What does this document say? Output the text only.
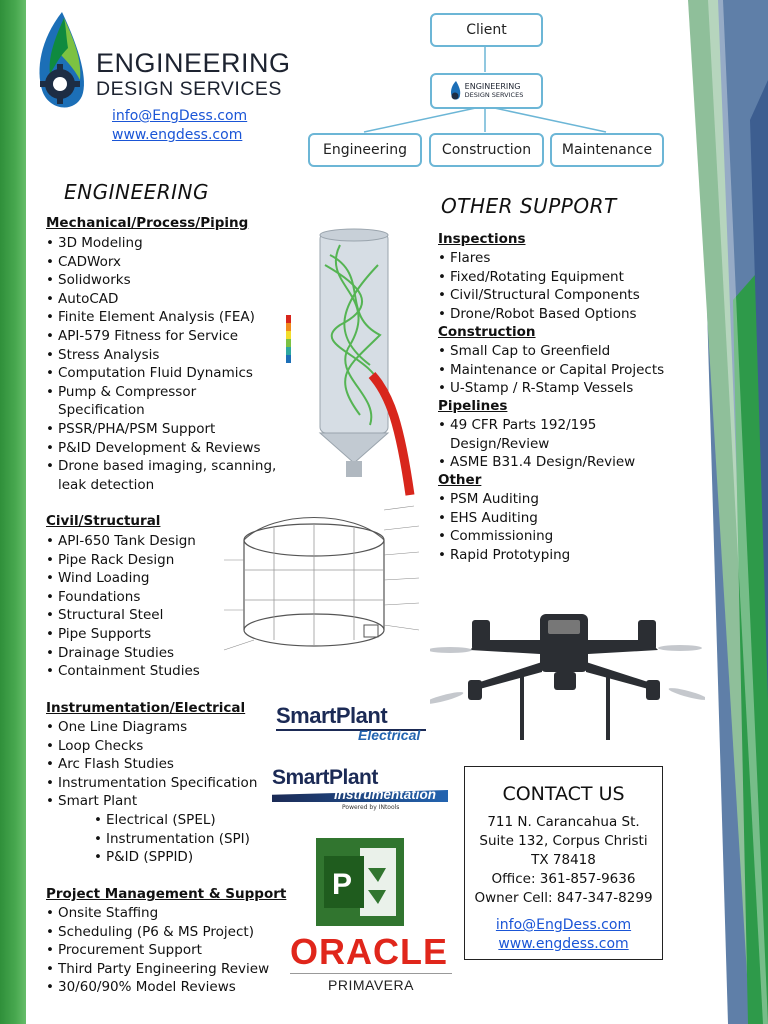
ENGINEERING
DESIGN SERVICES
info@EngDess.com
www.engdess.com
Client
ENGINEERING
DESIGN SERVICES
Engineering	Construction	Maintenance
ENGINEERING
Mechanical/Process/Piping
• 3D Modeling
• CADWorx
• Solidworks
• AutoCAD
• Finite Element Analysis (FEA)
• API-579 Fitness for Service
• Stress Analysis
• Computation Fluid Dynamics
• Pump & Compressor
Specification
• PSSR/PHA/PSM Support
• P&ID Development & Reviews
• Drone based imaging, scanning,
leak detection
Civil/Structural
• API-650 Tank Design
• Pipe Rack Design
• Wind Loading
• Foundations
• Structural Steel
• Pipe Supports
• Drainage Studies
• Containment Studies
Instrumentation/Electrical
• One Line Diagrams
• Loop Checks
• Arc Flash Studies
• Instrumentation Specification
• Smart Plant
• Electrical (SPEL)
• Instrumentation (SPI)
• P&ID (SPPID)
Project Management & Support
• Onsite Staffing
• Scheduling (P6 & MS Project)
• Procurement Support
• Third Party Engineering Review
• 30/60/90% Model Reviews
OTHER SUPPORT
Inspections
• Flares
• Fixed/Rotating Equipment
• Civil/Structural Components
• Drone/Robot Based Options
Construction
• Small Cap to Greenfield
• Maintenance or Capital Projects
• U-Stamp / R-Stamp Vessels
Pipelines
• 49 CFR Parts 192/195
Design/Review
• ASME B31.4 Design/Review
Other
• PSM Auditing
• EHS Auditing
• Commissioning
• Rapid Prototyping
SmartPlant
Electrical
SmartPlant
Instrumentation
Powered by INtools
P
ORACLE
PRIMAVERA
CONTACT US
711 N. Carancahua St.
Suite 132, Corpus Christi
TX 78418
Office: 361-857-9636
Owner Cell: 847-347-8299
info@EngDess.com
www.engdess.com
